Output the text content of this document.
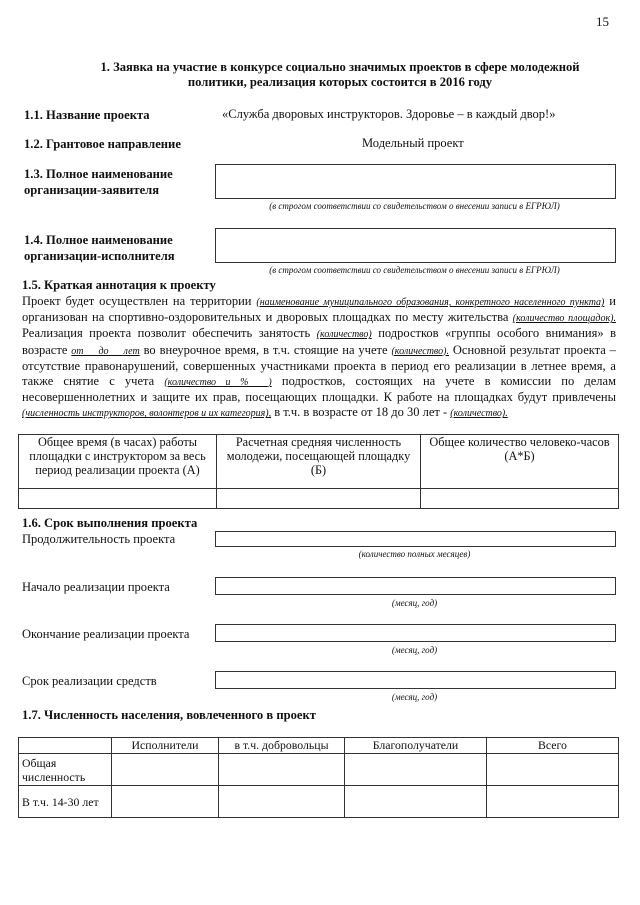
15
1. Заявка на участие в конкурсе социально значимых проектов в сфере молодежной
политики, реализация которых состоится в 2016 году
1.1. Название проекта	«Служба дворовых инструкторов. Здоровье – в каждый двор!»
1.2. Грантовое направление	Модельный проект
1.3. Полное наименование
организации-заявителя
(в строгом соответствии со свидетельством о внесении записи в ЕГРЮЛ)
1.4. Полное наименование
организации-исполнителя
(в строгом соответствии со свидетельством о внесении записи в ЕГРЮЛ)
1.5. Краткая аннотация к проекту
Проект будет осуществлен на территории (наименование муниципального образования, конкретного населенного пункта) и организован на спортивно-оздоровительных и дворовых площадках по месту жительства (количество площадок). Реализация проекта позволит обеспечить занятость (количество) подростков «группы особого внимания» в возрасте от___до___лет во внеурочное время, в т.ч. стоящие на учете (количество). Основной результат проекта – отсутствие правонарушений, совершенных участниками проекта в период его реализации в летнее время, а также снятие с учета (количество и %____) подростков, состоящих на учете в комиссии по делам несовершеннолетних и защите их прав, посещающих площадки. К работе на площадках будут привлечены (численность инструкторов, волонтеров и их категория), в т.ч. в возрасте от 18 до 30 лет - (количество).
Общее время (в часах) работы площадки с инструктором за весь период реализации проекта (А)	Расчетная средняя численность молодежи, посещающей площадку (Б)	Общее количество человеко-часов (А*Б)

1.6. Срок выполнения проекта
Продолжительность проекта
(количество полных месяцев)
Начало реализации проекта
(месяц, год)
Окончание реализации проекта
(месяц, год)
Срок реализации средств
(месяц, год)
1.7. Численность населения, вовлеченного в проект
	Исполнители	в т.ч. добровольцы	Благополучатели	Всего
Общая численность				
В т.ч. 14-30 лет				
